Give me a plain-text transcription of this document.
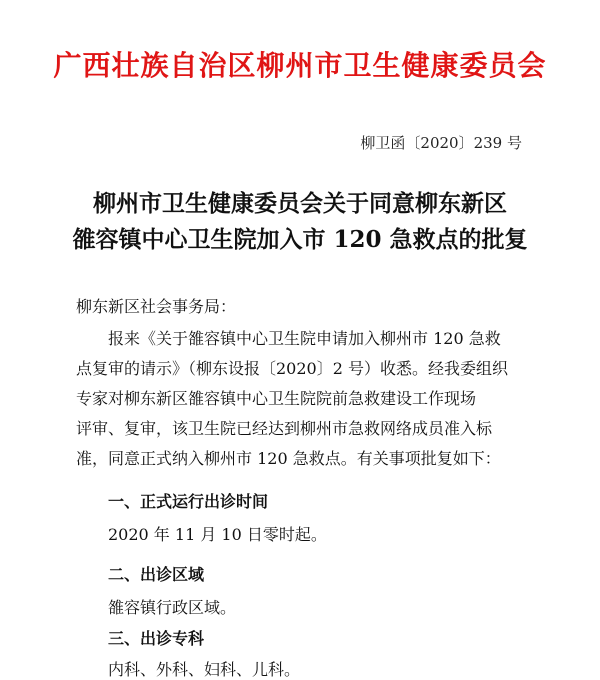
广西壮族自治区柳州市卫生健康委员会
柳卫函〔2020〕239 号
柳州市卫生健康委员会关于同意柳东新区
雒容镇中心卫生院加入市 120 急救点的批复
柳东新区社会事务局：
报来《关于雒容镇中心卫生院申请加入柳州市 120 急救
点复审的请示》（柳东设报〔2020〕2 号）收悉。经我委组织
专家对柳东新区雒容镇中心卫生院院前急救建设工作现场
评审、复审，该卫生院已经达到柳州市急救网络成员准入标
准，同意正式纳入柳州市 120 急救点。有关事项批复如下：
一、正式运行出诊时间
2020 年 11 月 10 日零时起。
二、出诊区域
雒容镇行政区域。
三、出诊专科
内科、外科、妇科、儿科。
